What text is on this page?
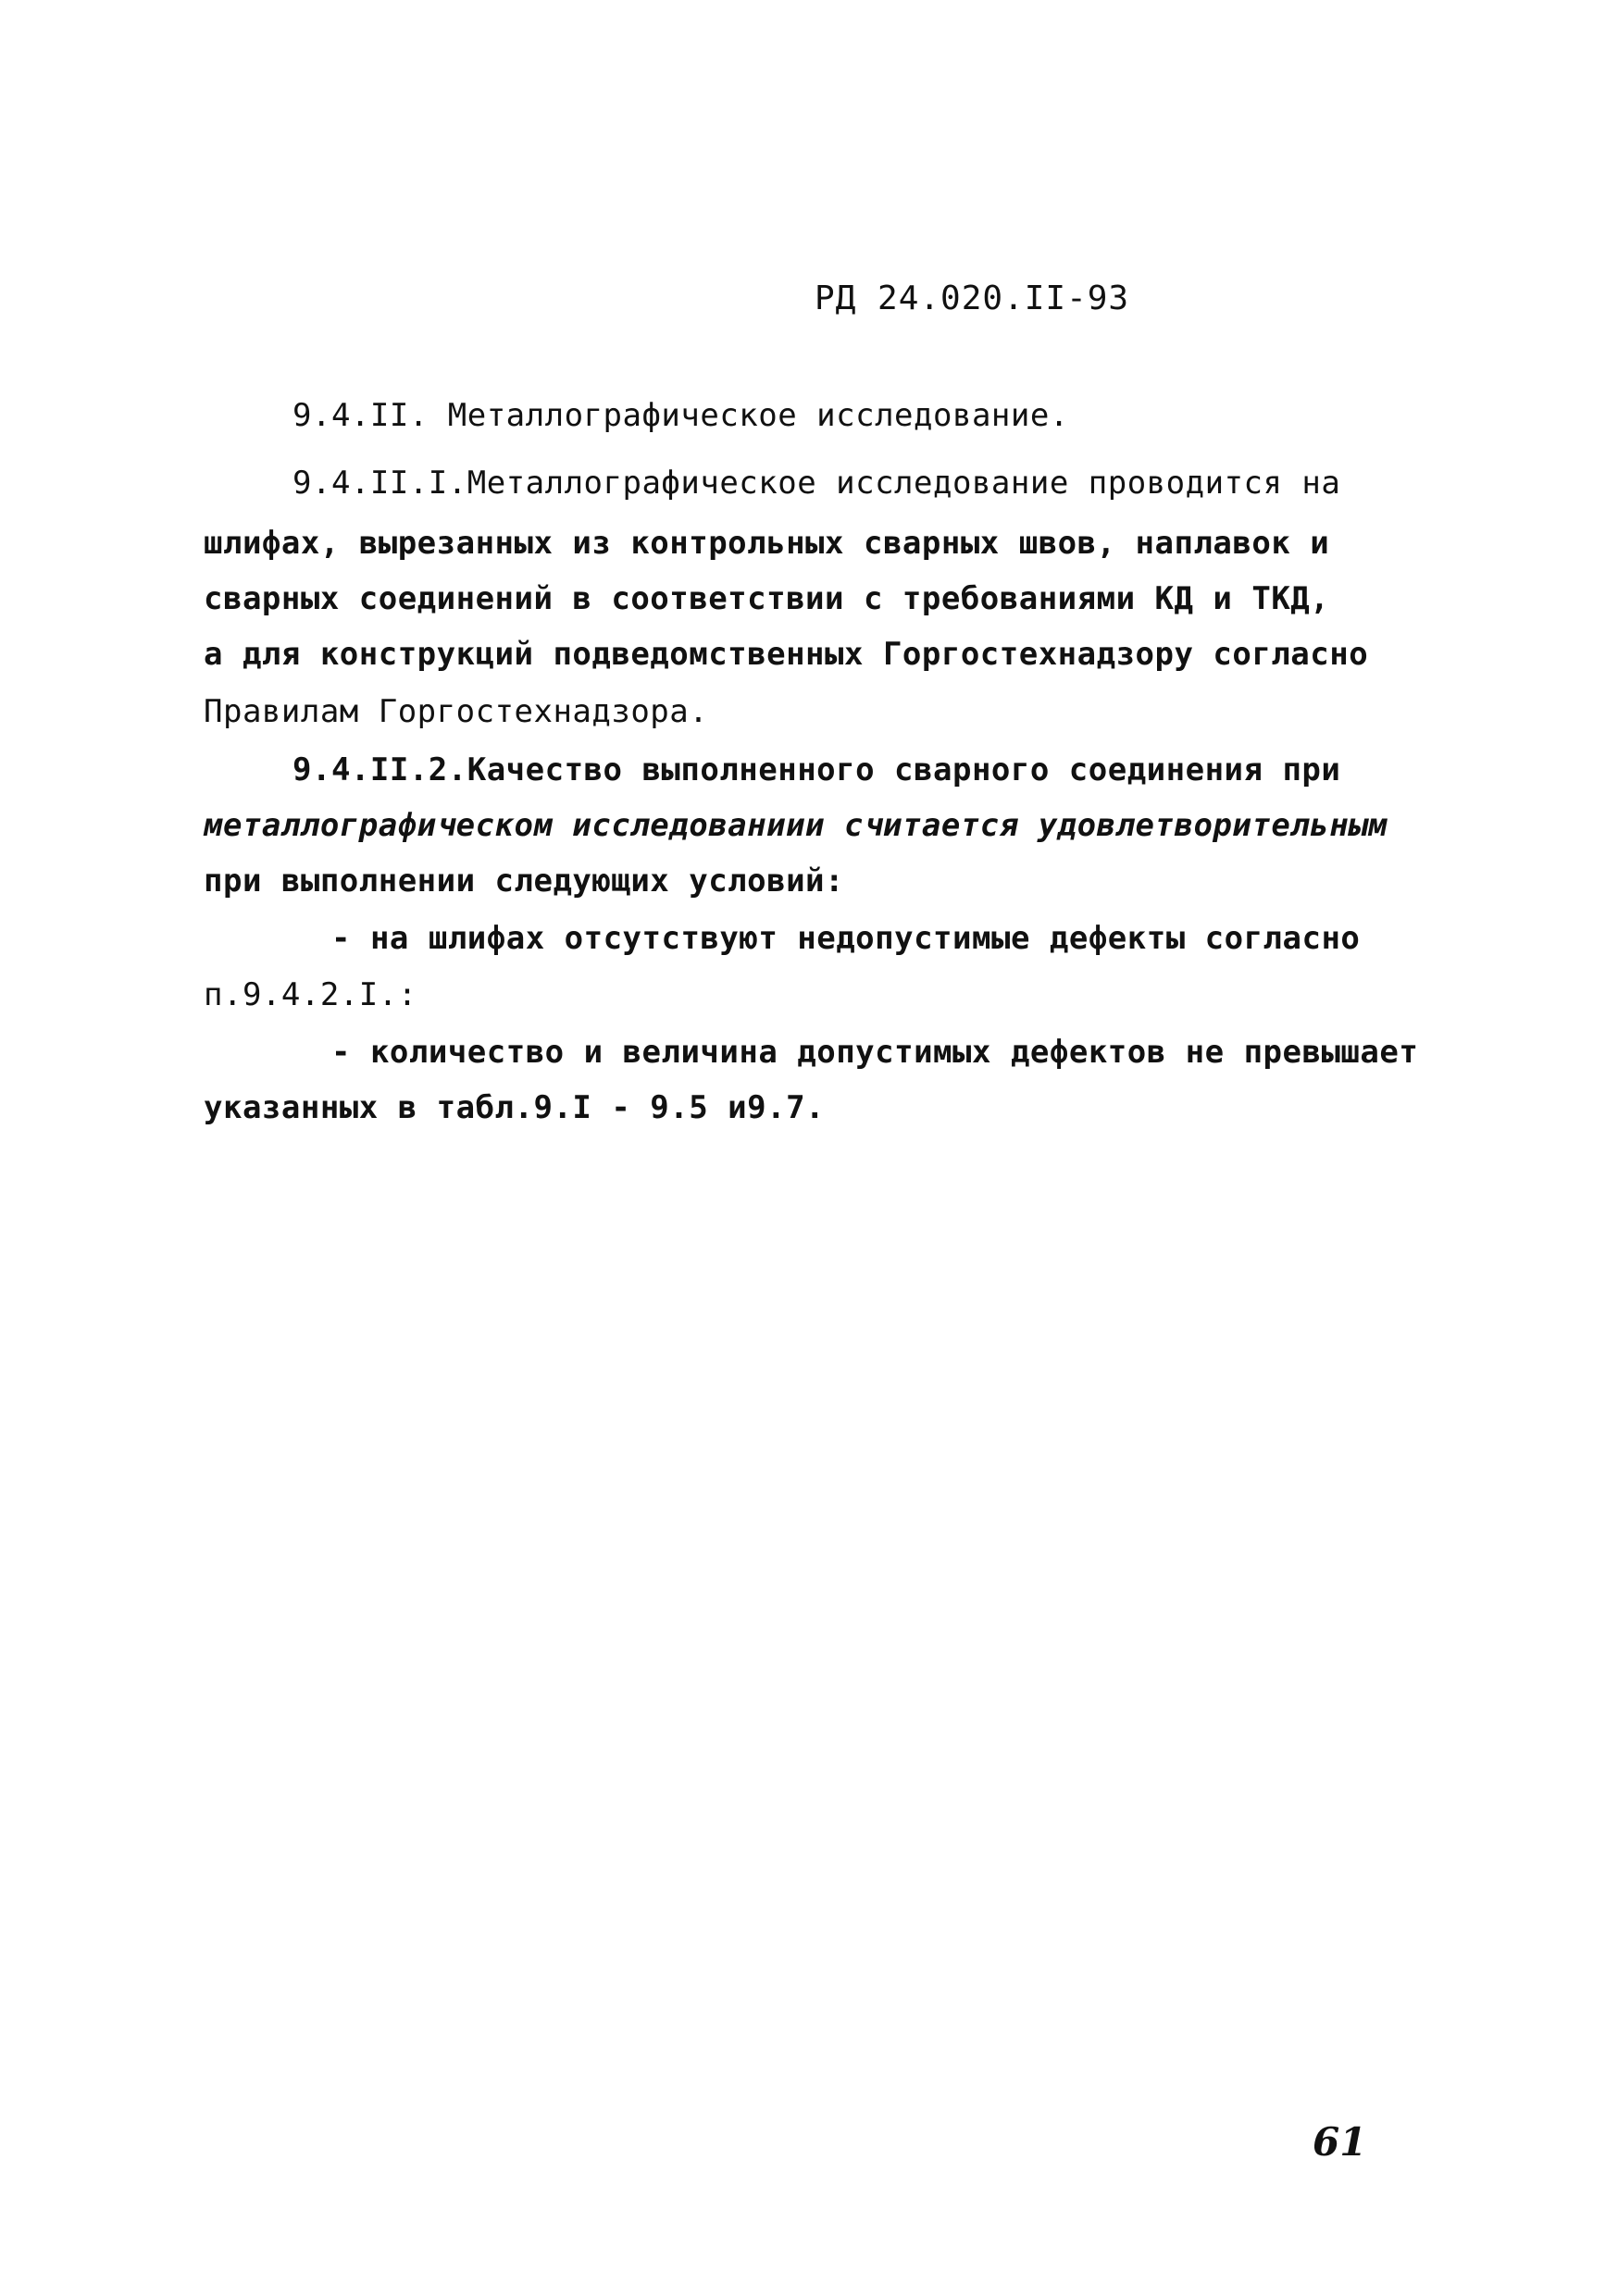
РД 24.020.II-93
9.4.II. Металлографическое исследование.
9.4.II.I.Металлографическое исследование проводится на
шлифах, вырезанных из контрольных сварных швов, наплавок и
сварных соединений в соответствии с требованиями КД и ТКД,
а для конструкций подведомственных Горгостехнадзору согласно
Правилам Горгостехнадзора.
9.4.II.2.Качество выполненного сварного соединения при
металлографическом исследованиии считается удовлетворительным
при выполнении следующих условий:
- на шлифах отсутствуют недопустимые дефекты согласно
п.9.4.2.I.:
- количество и величина допустимых дефектов не превышает
указанных в табл.9.I - 9.5 и9.7.
61
